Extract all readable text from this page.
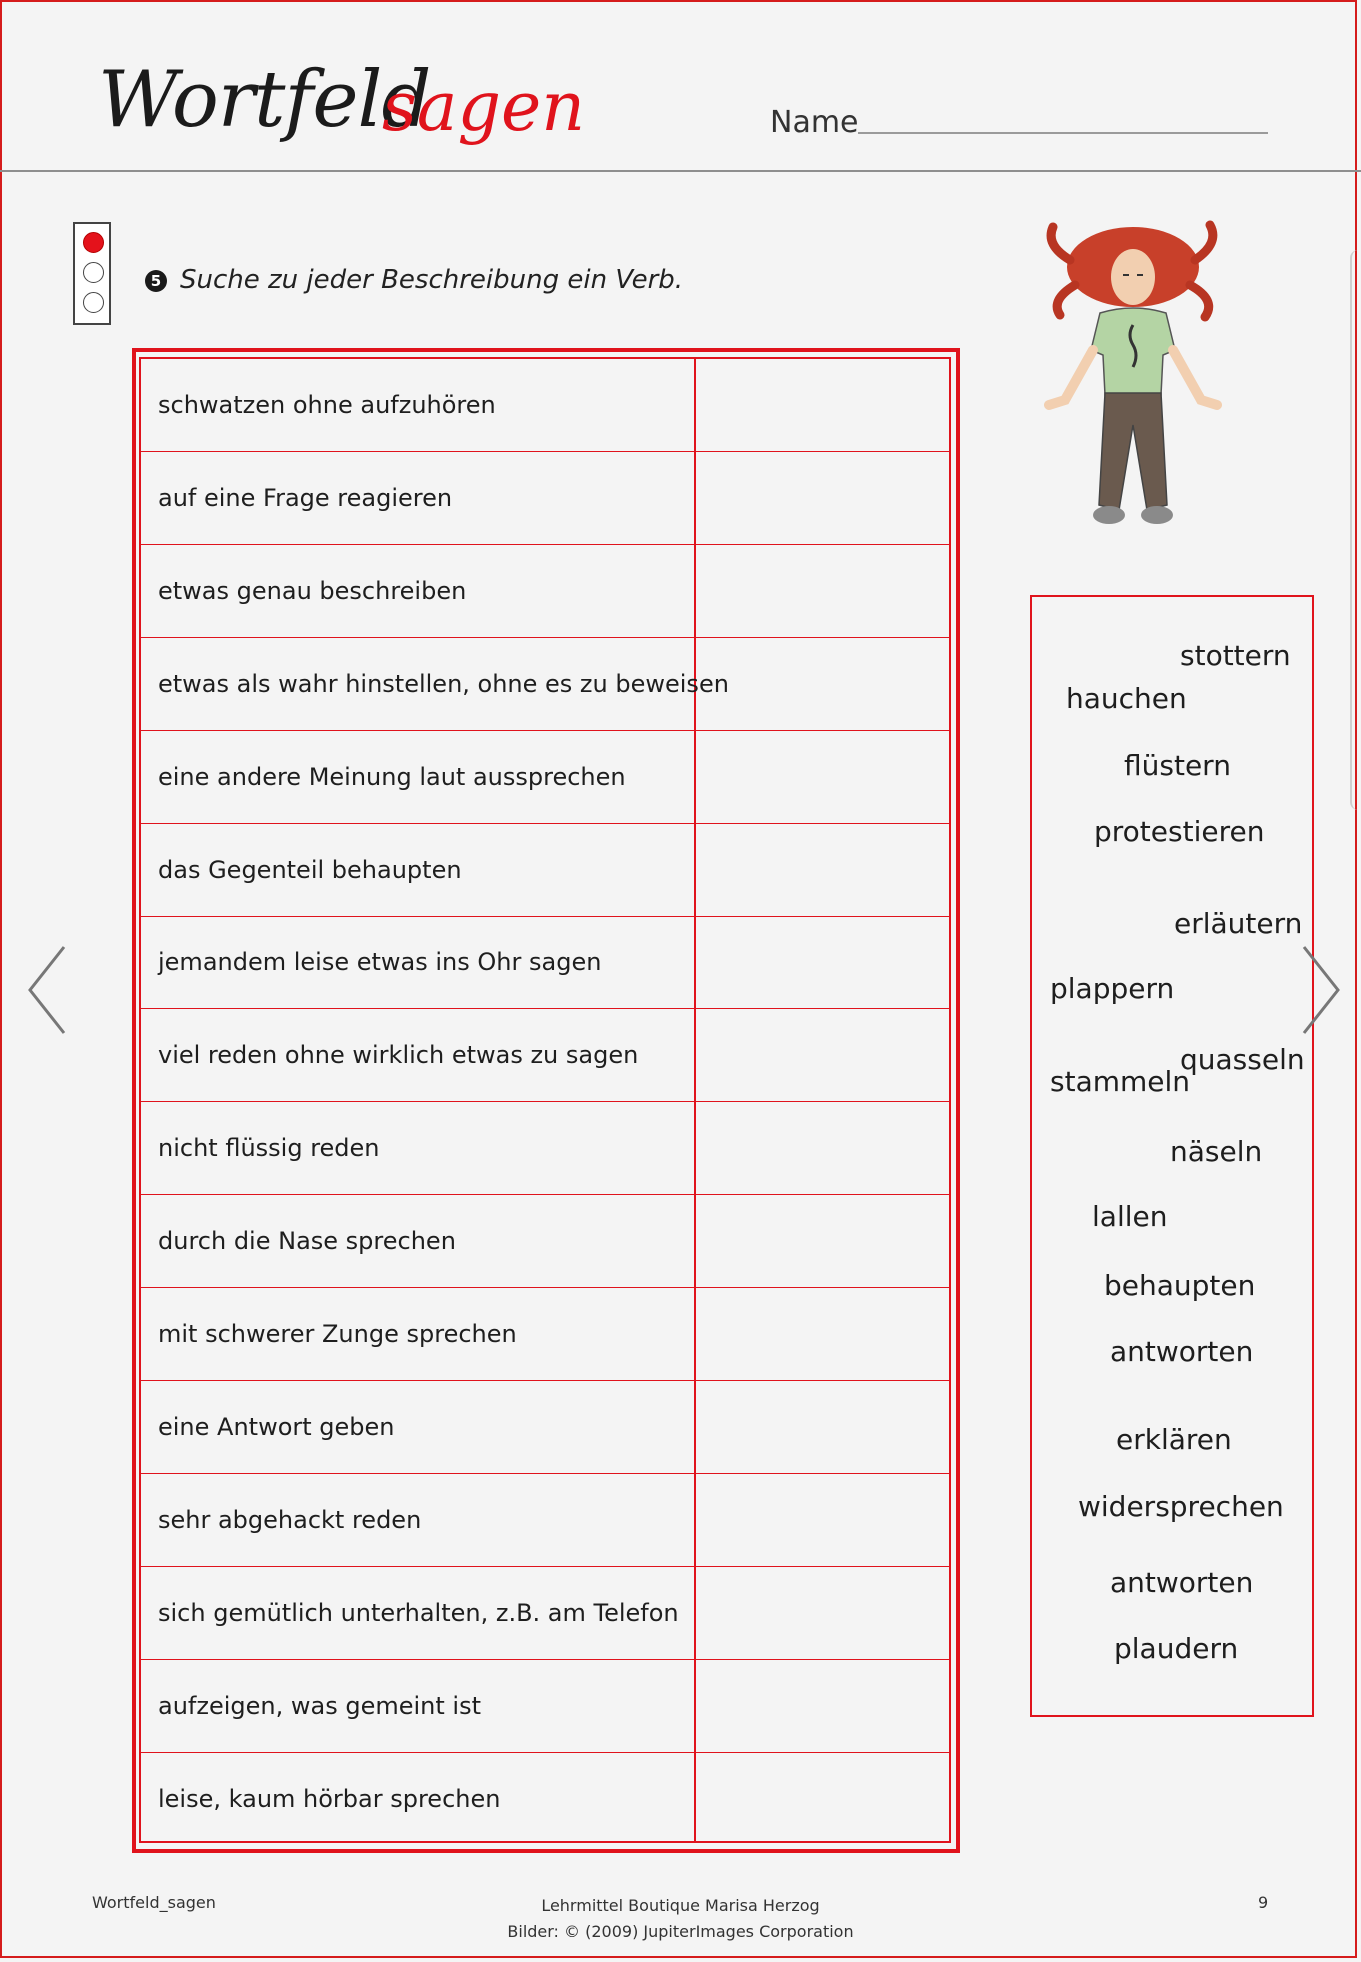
Wortfeld
sagen	Name
5 Suche zu jeder Beschreibung ein Verb.
schwatzen ohne aufzuhören
auf eine Frage reagieren
etwas genau beschreiben
etwas als wahr hinstellen, ohne es zu beweisen
eine andere Meinung laut aussprechen
das Gegenteil behaupten
jemandem leise etwas ins Ohr sagen
viel reden ohne wirklich etwas zu sagen
nicht flüssig reden
durch die Nase sprechen
mit schwerer Zunge sprechen
eine Antwort geben
sehr abgehackt reden
sich gemütlich unterhalten, z.B. am Telefon
aufzeigen, was gemeint ist
leise, kaum hörbar sprechen
stottern
hauchen
flüstern
protestieren
erläutern
plappern
quasseln
stammeln
näseln
lallen
behaupten
antworten
erklären
widersprechen
antworten
plaudern
Wortfeld_sagen	Lehrmittel Boutique Marisa Herzog
Bilder: © (2009) JupiterImages Corporation
9
